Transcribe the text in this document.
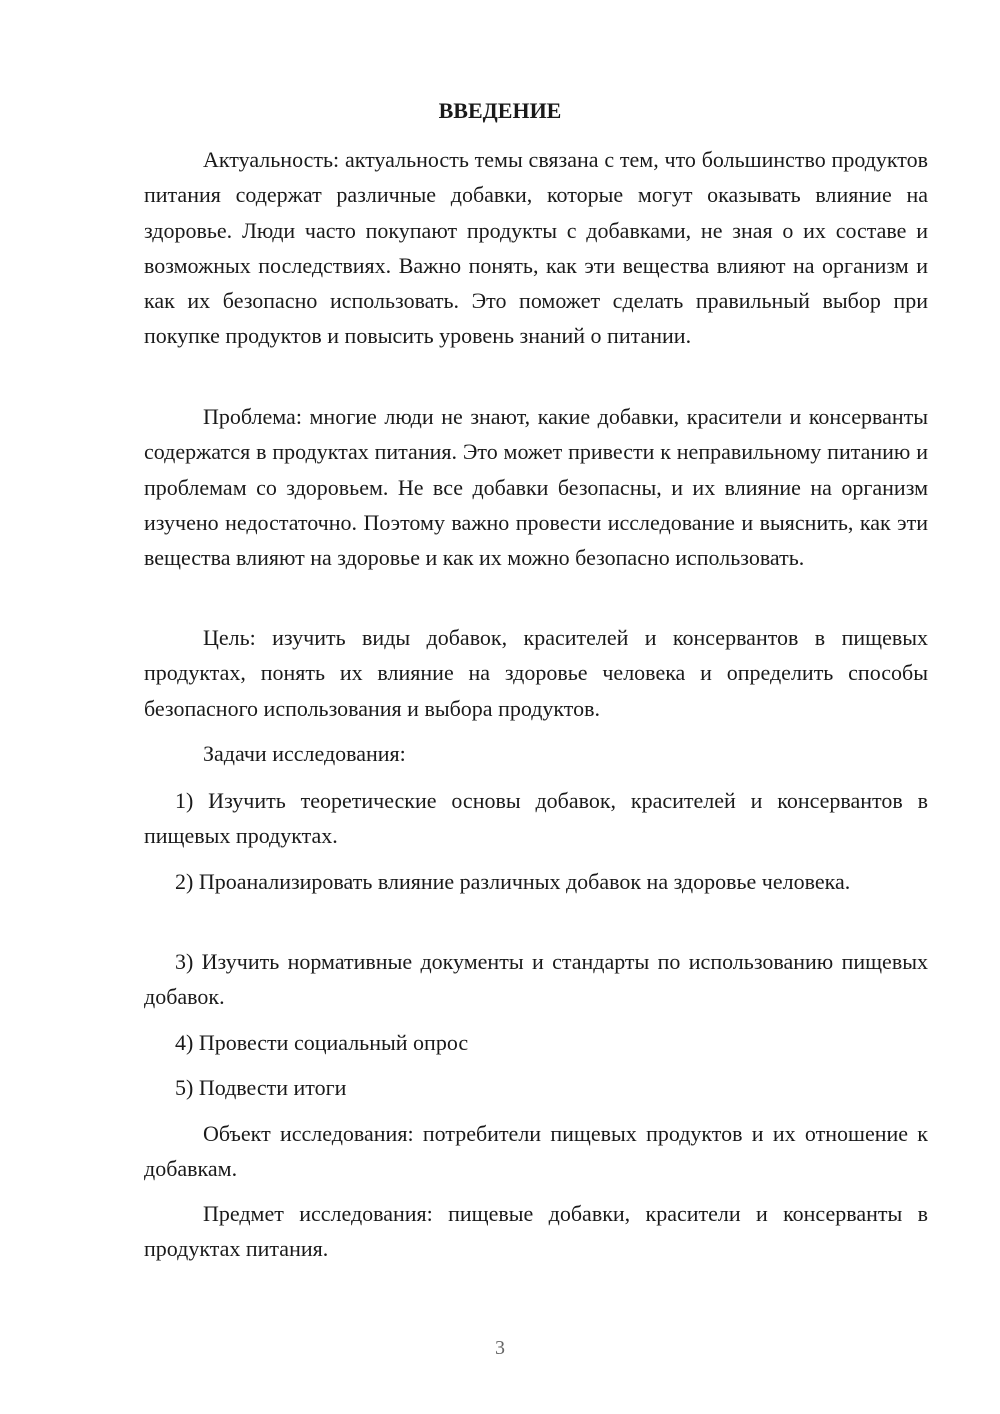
ВВЕДЕНИЕ

Актуальность: актуальность темы связана с тем, что большинство продуктов питания содержат различные добавки, которые могут оказывать влияние на здоровье. Люди часто покупают продукты с добавками, не зная о их составе и возможных последствиях. Важно понять, как эти вещества влияют на организм и как их безопасно использовать. Это поможет сделать правильный выбор при покупке продуктов и повысить уровень знаний о питании.

Проблема: многие люди не знают, какие добавки, красители и консерванты содержатся в продуктах питания. Это может привести к неправильному питанию и проблемам со здоровьем. Не все добавки безопасны, и их влияние на организм изучено недостаточно. Поэтому важно провести исследование и выяснить, как эти вещества влияют на здоровье и как их можно безопасно использовать.

Цель: изучить виды добавок, красителей и консервантов в пищевых продуктах, понять их влияние на здоровье человека и определить способы безопасного использования и выбора продуктов.

Задачи исследования:

1) Изучить теоретические основы добавок, красителей и консервантов в пищевых продуктах.

2) Проанализировать влияние различных добавок на здоровье человека.

3) Изучить нормативные документы и стандарты по использованию пищевых добавок.

4) Провести социальный опрос

5) Подвести итоги

Объект исследования: потребители пищевых продуктов и их отношение к добавкам.

Предмет исследования: пищевые добавки, красители и консерванты в продуктах питания.

3
